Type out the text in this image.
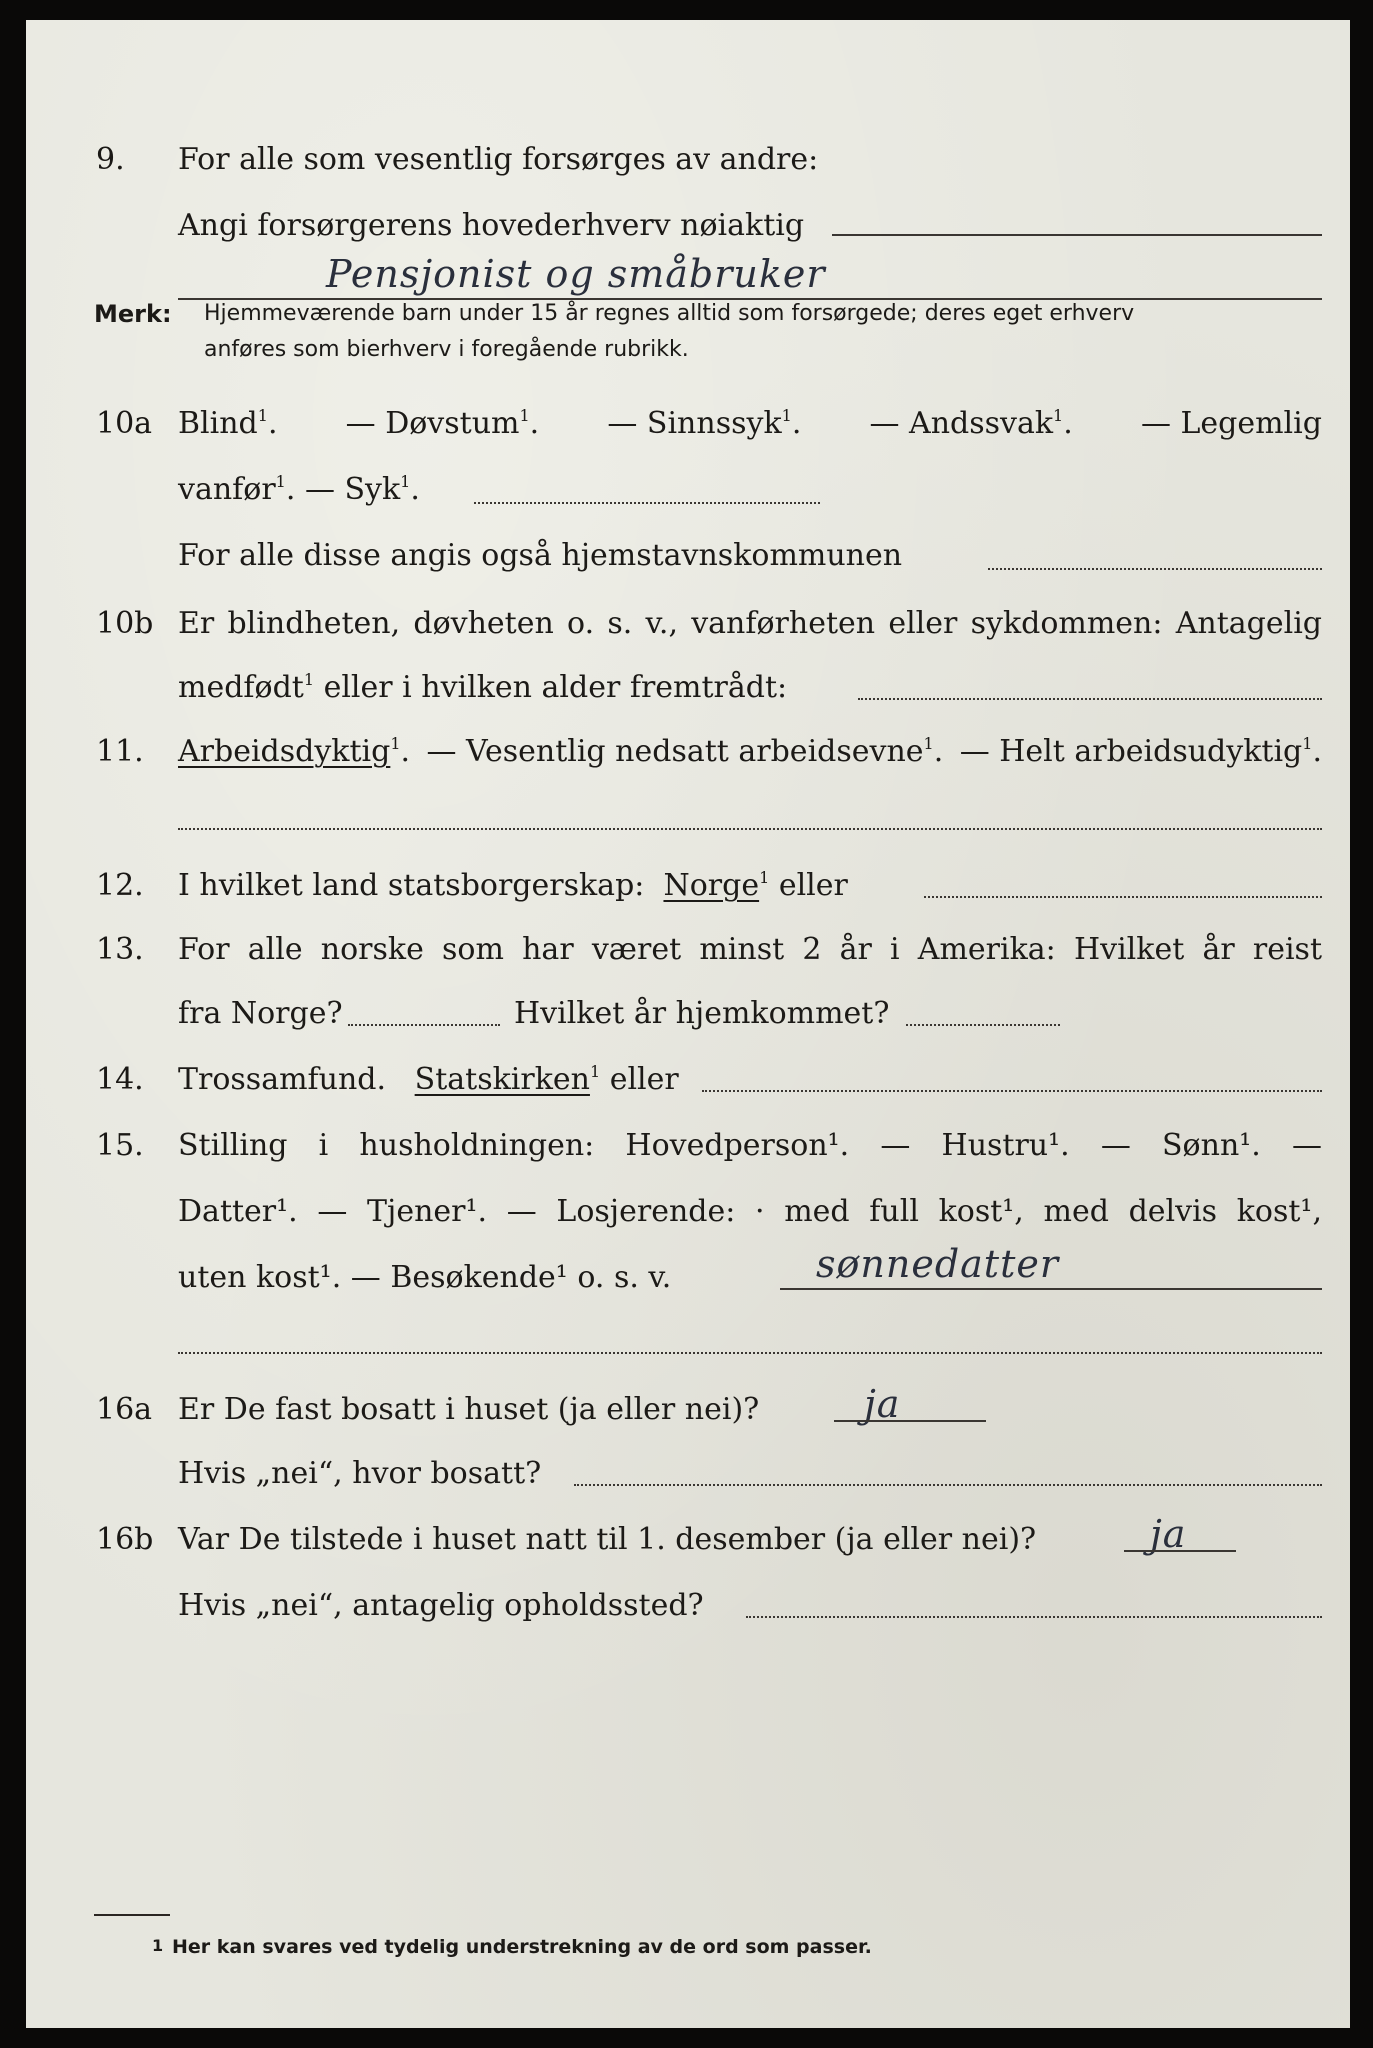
9.	For alle som vesentlig forsørges av andre:
Angi forsørgerens hovederhverv nøiaktig
Pensjonist og småbruker
Merk: Hjemmeværende barn under 15 år regnes alltid som forsørgede; deres eget erhverv
anføres som bierhverv i foregående rubrikk.
10a Blind$^1$. — Døvstum$^1$. — Sinnssyk$^1$. — Andssvak$^1$. — Legemlig
vanfør$^1$. — Syk$^1$.
For alle disse angis også hjemstavnskommunen
10b Er blindheten, døvheten o. s. v., vanførheten eller sykdommen: Antagelig
medfødt$^1$ eller i hvilken alder fremtrådt:
11.	Arbeidsdyktig$^1$. — Vesentlig nedsatt arbeidsevne$^1$. — Helt arbeidsudyktig$^1$.
12.	I hvilket land statsborgerskap: Norge$^1$ eller
13.	For alle norske som har været minst 2 år i Amerika: Hvilket år reist
fra Norge?	Hvilket år hjemkommet?
14.	Trossamfund. Statskirken$^1$ eller
15.	Stilling i husholdningen: Hovedperson¹. — Hustru¹. — Sønn¹. —
Datter¹. — Tjener¹. — Losjerende: · med full kost¹, med delvis kost¹,
uten kost¹. — Besøkende¹ o. s. v.	sønnedatter
16a Er De fast bosatt i huset (ja eller nei)?	ja
Hvis „nei“, hvor bosatt?
16b Var De tilstede i huset natt til 1. desember (ja eller nei)?	ja
Hvis „nei“, antagelig opholdssted?
1 Her kan svares ved tydelig understrekning av de ord som passer.
